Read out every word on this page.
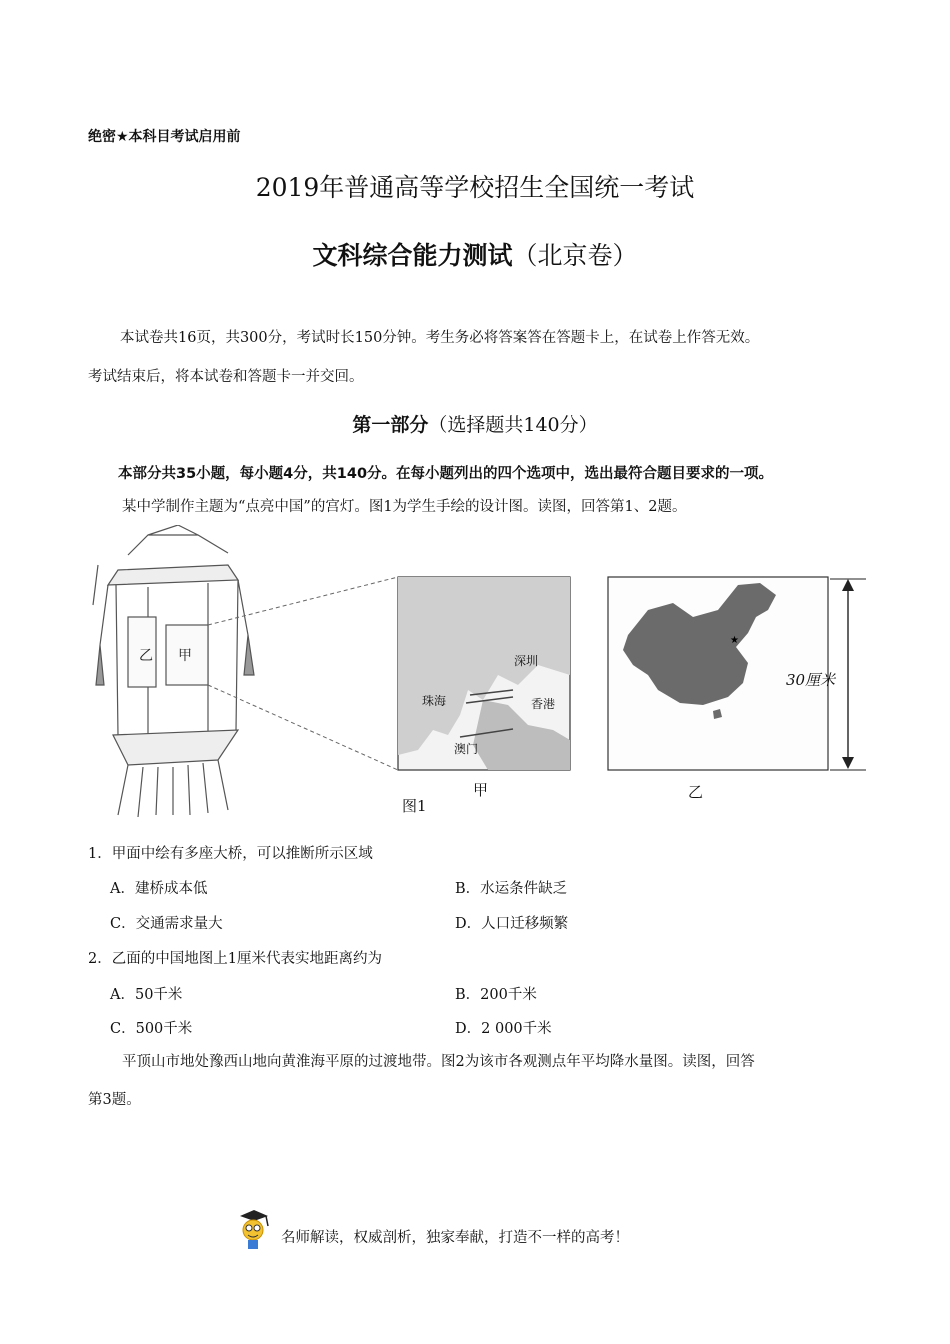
绝密★本科目考试启用前
2019年普通高等学校招生全国统一考试
文科综合能力测试（北京卷）
本试卷共16页，共300分，考试时长150分钟。考生务必将答案答在答题卡上，在试卷上作答无效。
考试结束后，将本试卷和答题卡一并交回。
第一部分（选择题共140分）
本部分共35小题，每小题4分，共140分。在每小题列出的四个选项中，选出最符合题目要求的一项。
某中学制作主题为“点亮中国”的宫灯。图1为学生手绘的设计图。读图，回答第1、2题。
乙 甲	深圳
珠海	香港
澳门
★
30厘米
图1
甲	乙
1．甲面中绘有多座大桥，可以推断所示区域
A．建桥成本低	B．水运条件缺乏
C．交通需求量大	D．人口迁移频繁
2．乙面的中国地图上1厘米代表实地距离约为
A．50千米	B．200千米
C．500千米	D．2 000千米
平顶山市地处豫西山地向黄淮海平原的过渡地带。图2为该市各观测点年平均降水量图。读图，回答
第3题。
名师解读，权威剖析，独家奉献，打造不一样的高考！
